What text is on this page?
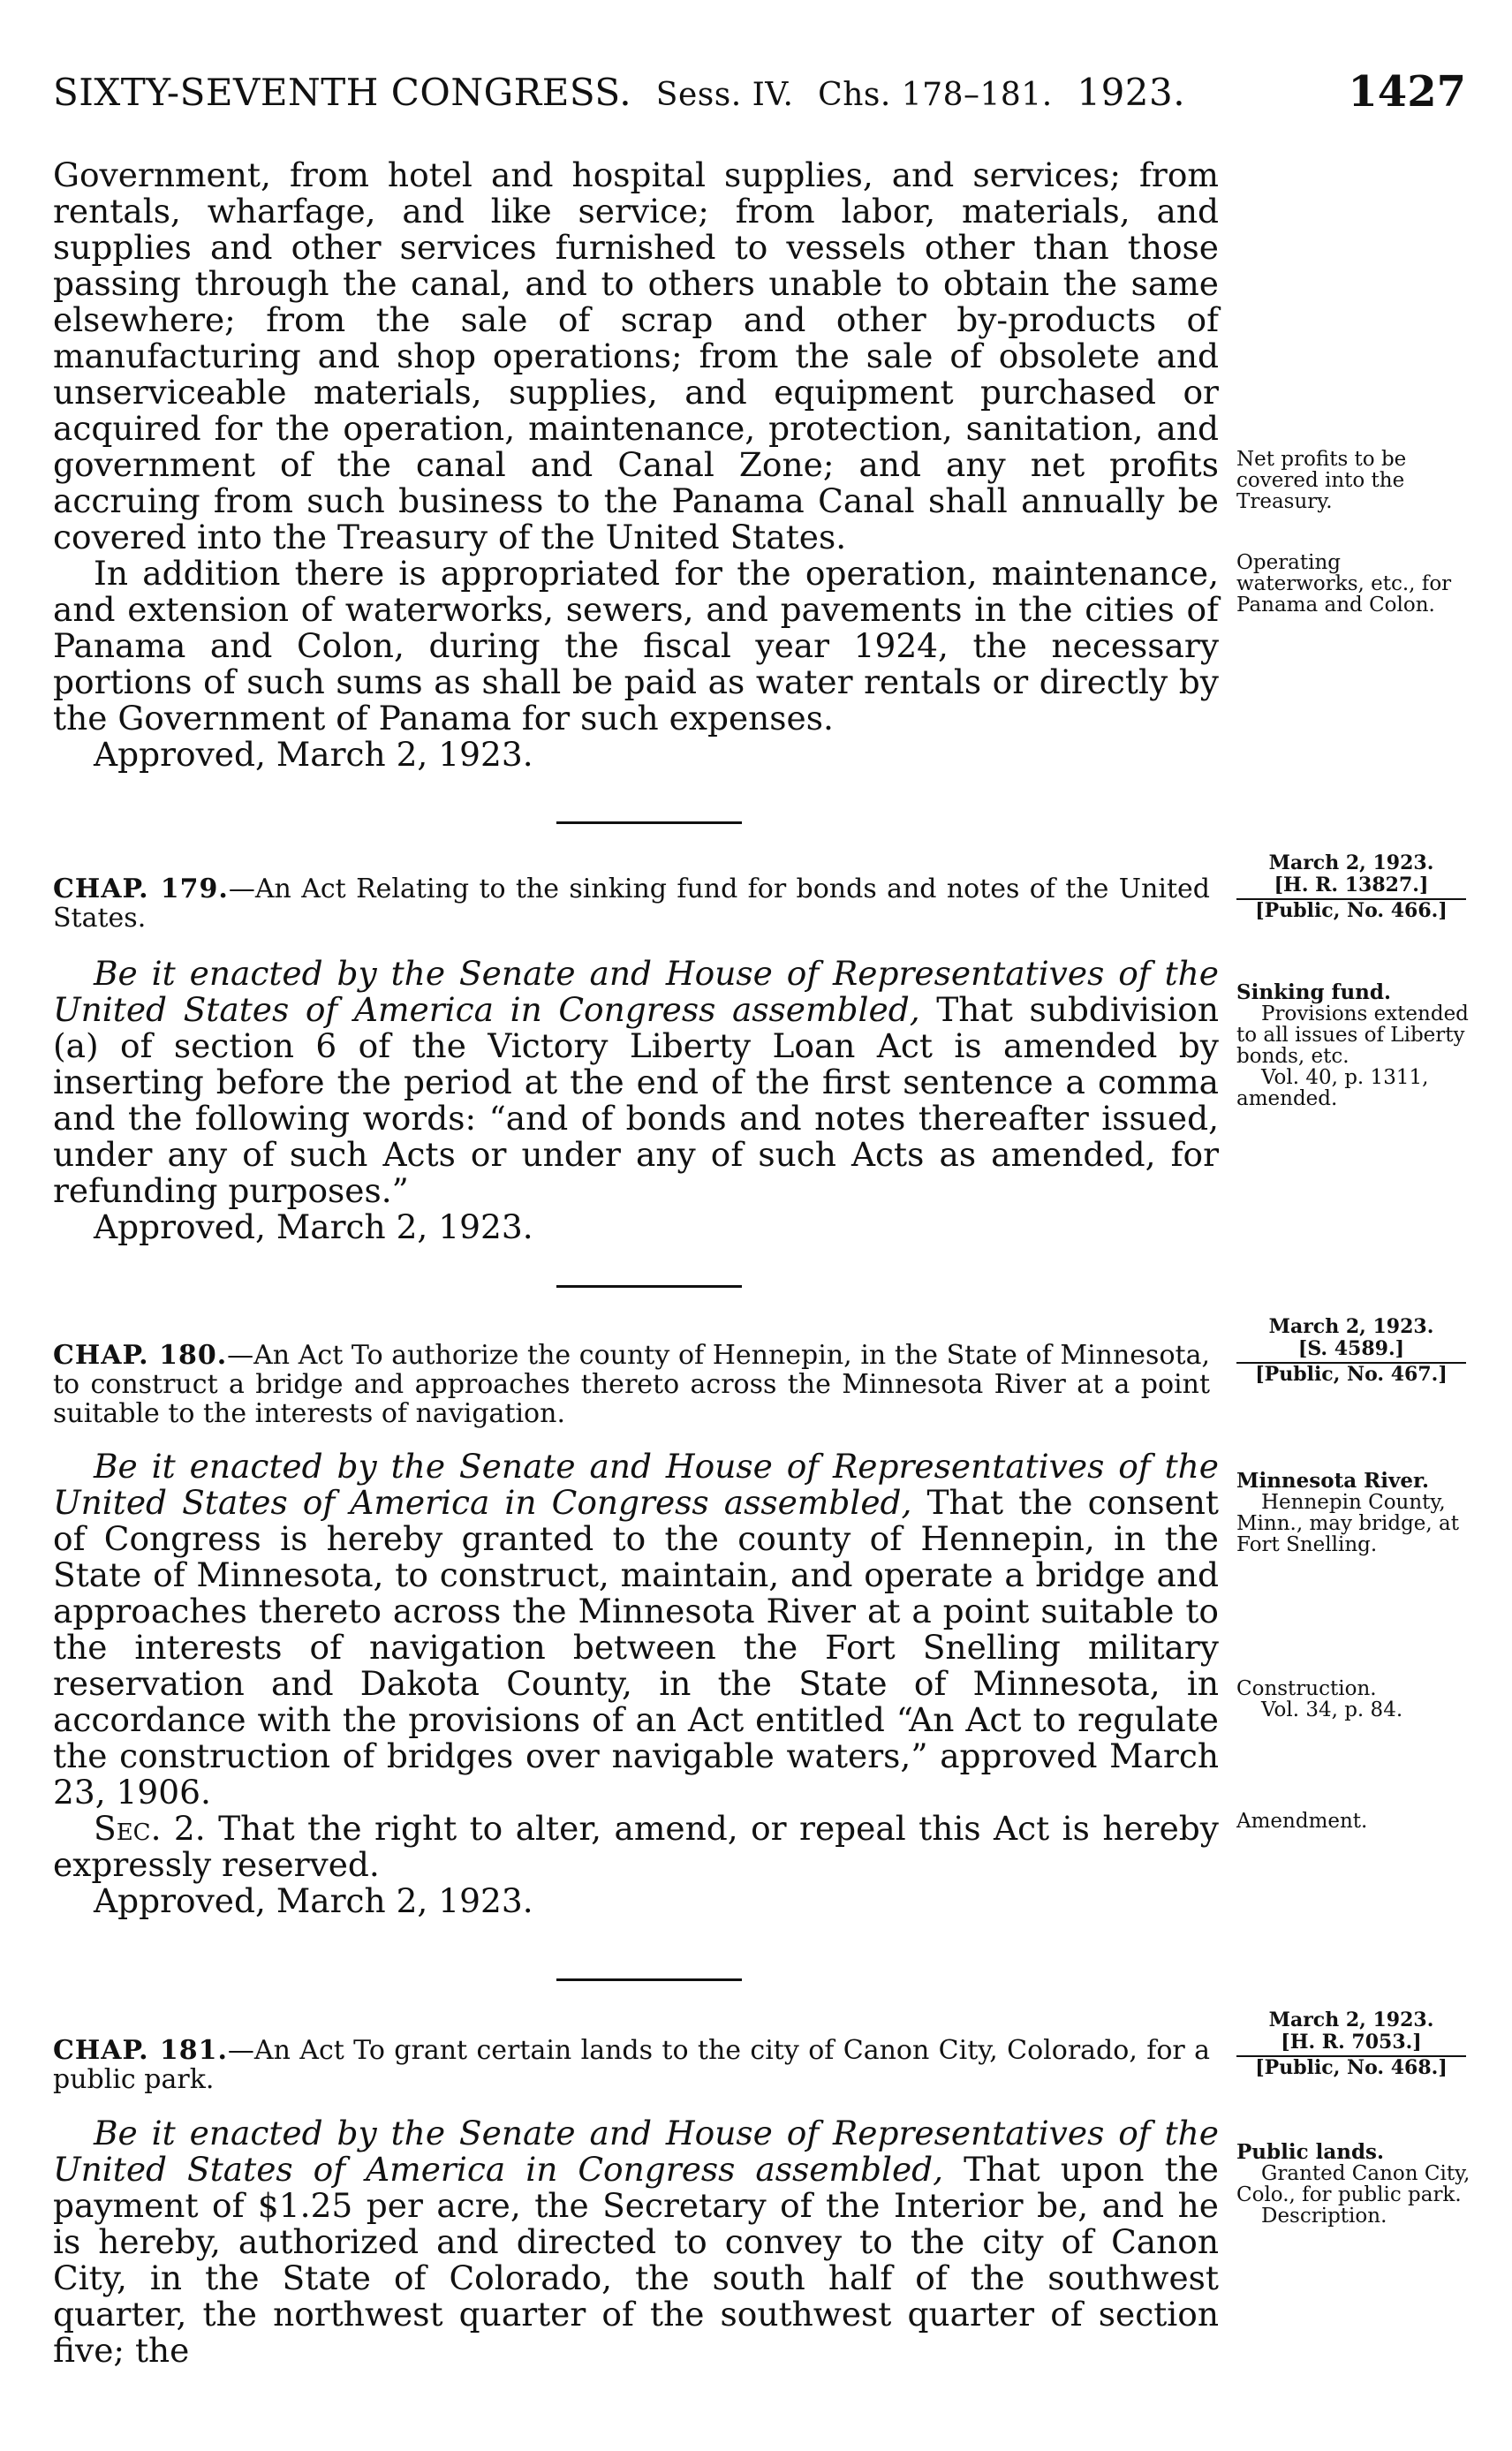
SIXTY-SEVENTH CONGRESS. Sess. IV. Chs. 178–181. 1923.	1427

Government, from hotel and hospital supplies, and services; from rentals, wharfage, and like service; from labor, materials, and supplies and other services furnished to vessels other than those passing through the canal, and to others unable to obtain the same elsewhere; from the sale of scrap and other by-products of manufacturing and shop operations; from the sale of obsolete and unserviceable materials, supplies, and equipment purchased or acquired for the operation, maintenance, protection, sanitation, and government of the canal and Canal Zone; and any net profits accruing from such business to the Panama Canal shall annually be covered into the Treasury of the United States.

In addition there is appropriated for the operation, maintenance, and extension of waterworks, sewers, and pavements in the cities of Panama and Colon, during the fiscal year 1924, the necessary portions of such sums as shall be paid as water rentals or directly by the Government of Panama for such expenses.

Approved, March 2, 1923.

Net profits to be covered into the Treasury.
Operating waterworks, etc., for Panama and Colon.
March 2, 1923.
[H. R. 13827.]
[Public, No. 466.]
CHAP. 179.—An Act Relating to the sinking fund for bonds and notes of the United States.

Be it enacted by the Senate and House of Representatives of the United States of America in Congress assembled, That subdivision (a) of section 6 of the Victory Liberty Loan Act is amended by inserting before the period at the end of the first sentence a comma and the following words: “and of bonds and notes thereafter issued, under any of such Acts or under any of such Acts as amended, for refunding purposes.”

Approved, March 2, 1923.

Sinking fund.
Provisions extended to all issues of Liberty bonds, etc.
Vol. 40, p. 1311, amended.
March 2, 1923.
[S. 4589.]
[Public, No. 467.]
CHAP. 180.—An Act To authorize the county of Hennepin, in the State of Minnesota, to construct a bridge and approaches thereto across the Minnesota River at a point suitable to the interests of navigation.

Be it enacted by the Senate and House of Representatives of the United States of America in Congress assembled, That the consent of Congress is hereby granted to the county of Hennepin, in the State of Minnesota, to construct, maintain, and operate a bridge and approaches thereto across the Minnesota River at a point suitable to the interests of navigation between the Fort Snelling military reservation and Dakota County, in the State of Minnesota, in accordance with the provisions of an Act entitled “An Act to regulate the construction of bridges over navigable waters,” approved March 23, 1906.

Sec. 2. That the right to alter, amend, or repeal this Act is hereby expressly reserved.

Approved, March 2, 1923.

Minnesota River.
Hennepin County, Minn., may bridge, at Fort Snelling.
Construction.
Vol. 34, p. 84.
Amendment.
March 2, 1923.
[H. R. 7053.]
[Public, No. 468.]
CHAP. 181.—An Act To grant certain lands to the city of Canon City, Colorado, for a public park.

Be it enacted by the Senate and House of Representatives of the United States of America in Congress assembled, That upon the payment of $1.25 per acre, the Secretary of the Interior be, and he is hereby, authorized and directed to convey to the city of Canon City, in the State of Colorado, the south half of the southwest quarter, the northwest quarter of the southwest quarter of section five; the

Public lands.
Granted Canon City, Colo., for public park.
Description.
